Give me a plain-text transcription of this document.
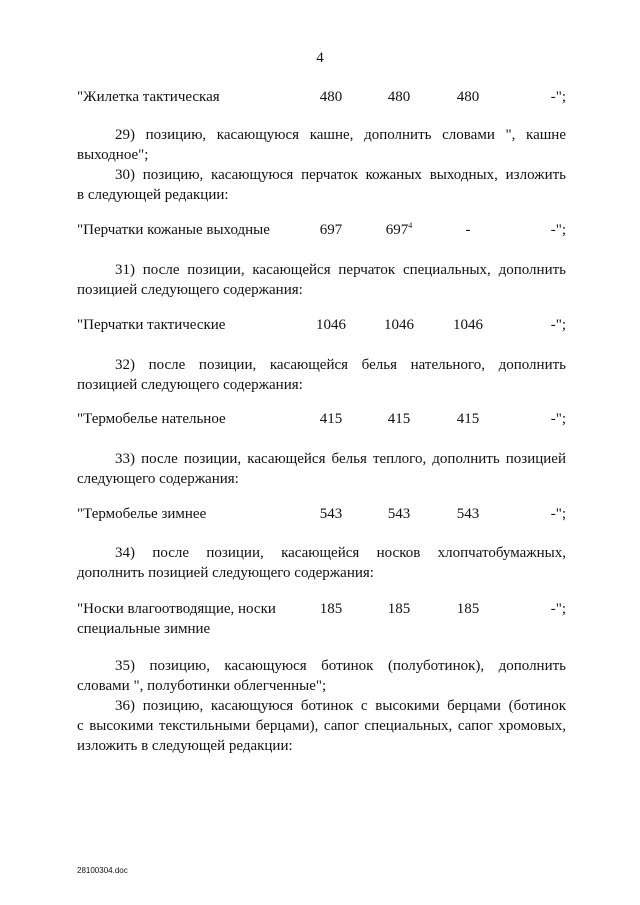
4
"Жилетка тактическая	480	480	480	-";
29) позицию, касающуюся кашне, дополнить словами ", кашне
выходное";
30) позицию, касающуюся перчаток кожаных выходных, изложить
в следующей редакции:
"Перчатки кожаные выходные	697	$697^4$	-	-";
31) после позиции, касающейся перчаток специальных, дополнить
позицией следующего содержания:
"Перчатки тактические	1046	1046	1046	-";
32) после позиции, касающейся белья нательного, дополнить
позицией следующего содержания:
"Термобелье нательное	415	415	415	-";
33) после позиции, касающейся белья теплого, дополнить позицией
следующего содержания:
"Термобелье зимнее	543	543	543	-";
34) после позиции, касающейся носков хлопчатобумажных,
дополнить позицией следующего содержания:
"Носки влагоотводящие, носки
специальные зимние
185	185	185	-";
35) позицию, касающуюся ботинок (полуботинок), дополнить
словами ", полуботинки облегченные";
36) позицию, касающуюся ботинок с высокими берцами (ботинок
с высокими текстильными берцами), сапог специальных, сапог хромовых,
изложить в следующей редакции:
28100304.doc
